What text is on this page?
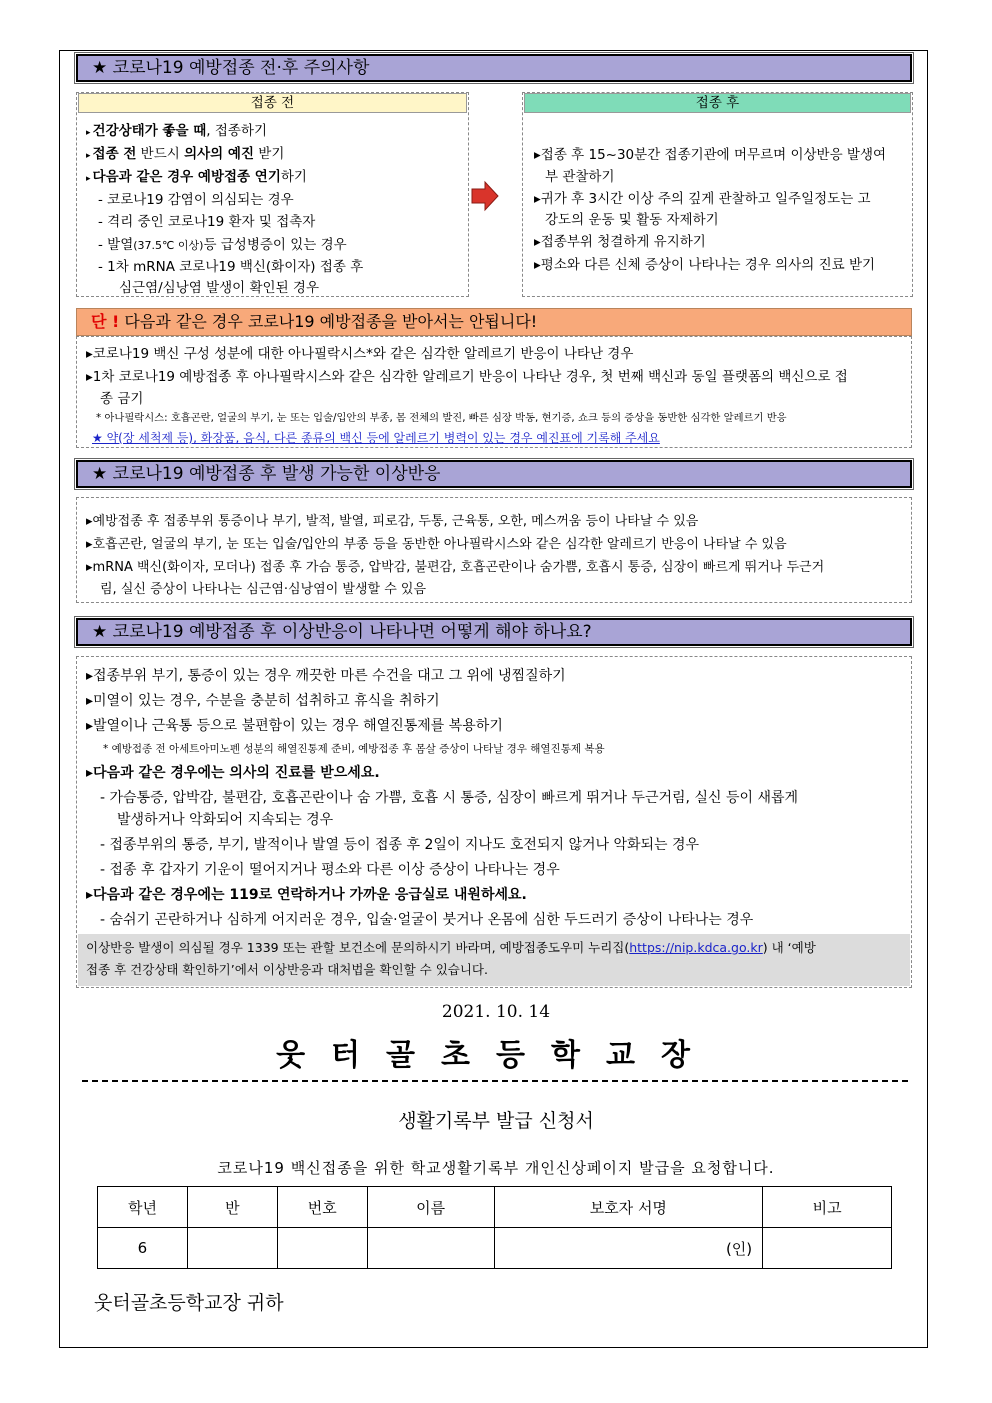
★ 코로나19 예방접종 전·후 주의사항
접종 전
▸ 건강상태가 좋을 때, 접종하기
▸ 접종 전 반드시 의사의 예진 받기
▸ 다음과 같은 경우 예방접종 연기하기
- 코로나19 감염이 의심되는 경우
- 격리 중인 코로나19 환자 및 접촉자
- 발열(37.5℃ 이상)등 급성병증이 있는 경우
- 1차 mRNA 코로나19 백신(화이자) 접종 후
심근염/심낭염 발생이 확인된 경우
접종 후
▸접종 후 15~30분간 접종기관에 머무르며 이상반응 발생여
부 관찰하기
▸귀가 후 3시간 이상 주의 깊게 관찰하고 일주일정도는 고
강도의 운동 및 활동 자제하기
▸접종부위 청결하게 유지하기
▸평소와 다른 신체 증상이 나타나는 경우 의사의 진료 받기
단 ! 다음과 같은 경우 코로나19 예방접종을 받아서는 안됩니다!
▸코로나19 백신 구성 성분에 대한 아나필락시스*와 같은 심각한 알레르기 반응이 나타난 경우
▸1차 코로나19 예방접종 후 아나필락시스와 같은 심각한 알레르기 반응이 나타난 경우, 첫 번째 백신과 동일 플랫폼의 백신으로 접
종 금기
* 아나필락시스: 호흡곤란, 얼굴의 부기, 눈 또는 입술/입안의 부종, 몸 전체의 발진, 빠른 심장 박동, 현기증, 쇼크 등의 증상을 동반한 심각한 알레르기 반응
★ 약(장 세척제 등), 화장품, 음식, 다른 종류의 백신 등에 알레르기 병력이 있는 경우 예진표에 기록해 주세요
★ 코로나19 예방접종 후 발생 가능한 이상반응
▸예방접종 후 접종부위 통증이나 부기, 발적, 발열, 피로감, 두통, 근육통, 오한, 메스꺼움 등이 나타날 수 있음
▸호흡곤란, 얼굴의 부기, 눈 또는 입술/입안의 부종 등을 동반한 아나필락시스와 같은 심각한 알레르기 반응이 나타날 수 있음
▸mRNA 백신(화이자, 모더나) 접종 후 가슴 통증, 압박감, 불편감, 호흡곤란이나 숨가쁨, 호흡시 통증, 심장이 빠르게 뛰거나 두근거
림, 실신 증상이 나타나는 심근염·심낭염이 발생할 수 있음
★ 코로나19 예방접종 후 이상반응이 나타나면 어떻게 해야 하나요?
▸접종부위 부기, 통증이 있는 경우 깨끗한 마른 수건을 대고 그 위에 냉찜질하기
▸미열이 있는 경우, 수분을 충분히 섭취하고 휴식을 취하기
▸발열이나 근육통 등으로 불편함이 있는 경우 해열진통제를 복용하기
* 예방접종 전 아세트아미노펜 성분의 해열진통제 준비, 예방접종 후 몸살 증상이 나타날 경우 해열진통제 복용
▸다음과 같은 경우에는 의사의 진료를 받으세요.
- 가슴통증, 압박감, 불편감, 호흡곤란이나 숨 가쁨, 호흡 시 통증, 심장이 빠르게 뛰거나 두근거림, 실신 등이 새롭게
발생하거나 악화되어 지속되는 경우
- 접종부위의 통증, 부기, 발적이나 발열 등이 접종 후 2일이 지나도 호전되지 않거나 악화되는 경우
- 접종 후 갑자기 기운이 떨어지거나 평소와 다른 이상 증상이 나타나는 경우
▸다음과 같은 경우에는 119로 연락하거나 가까운 응급실로 내원하세요.
- 숨쉬기 곤란하거나 심하게 어지러운 경우, 입술·얼굴이 붓거나 온몸에 심한 두드러기 증상이 나타나는 경우
이상반응 발생이 의심될 경우 1339 또는 관할 보건소에 문의하시기 바라며, 예방접종도우미 누리집(https://nip.kdca.go.kr) 내 ‘예방
접종 후 건강상태 확인하기’에서 이상반응과 대처법을 확인할 수 있습니다.
2021. 10. 14
웃터골초등학교장
생활기록부 발급 신청서
코로나19 백신접종을 위한 학교생활기록부 개인신상페이지 발급을 요청합니다.
학년	반	번호	이름	보호자 서명	비고
6				(인)	
웃터골초등학교장 귀하
